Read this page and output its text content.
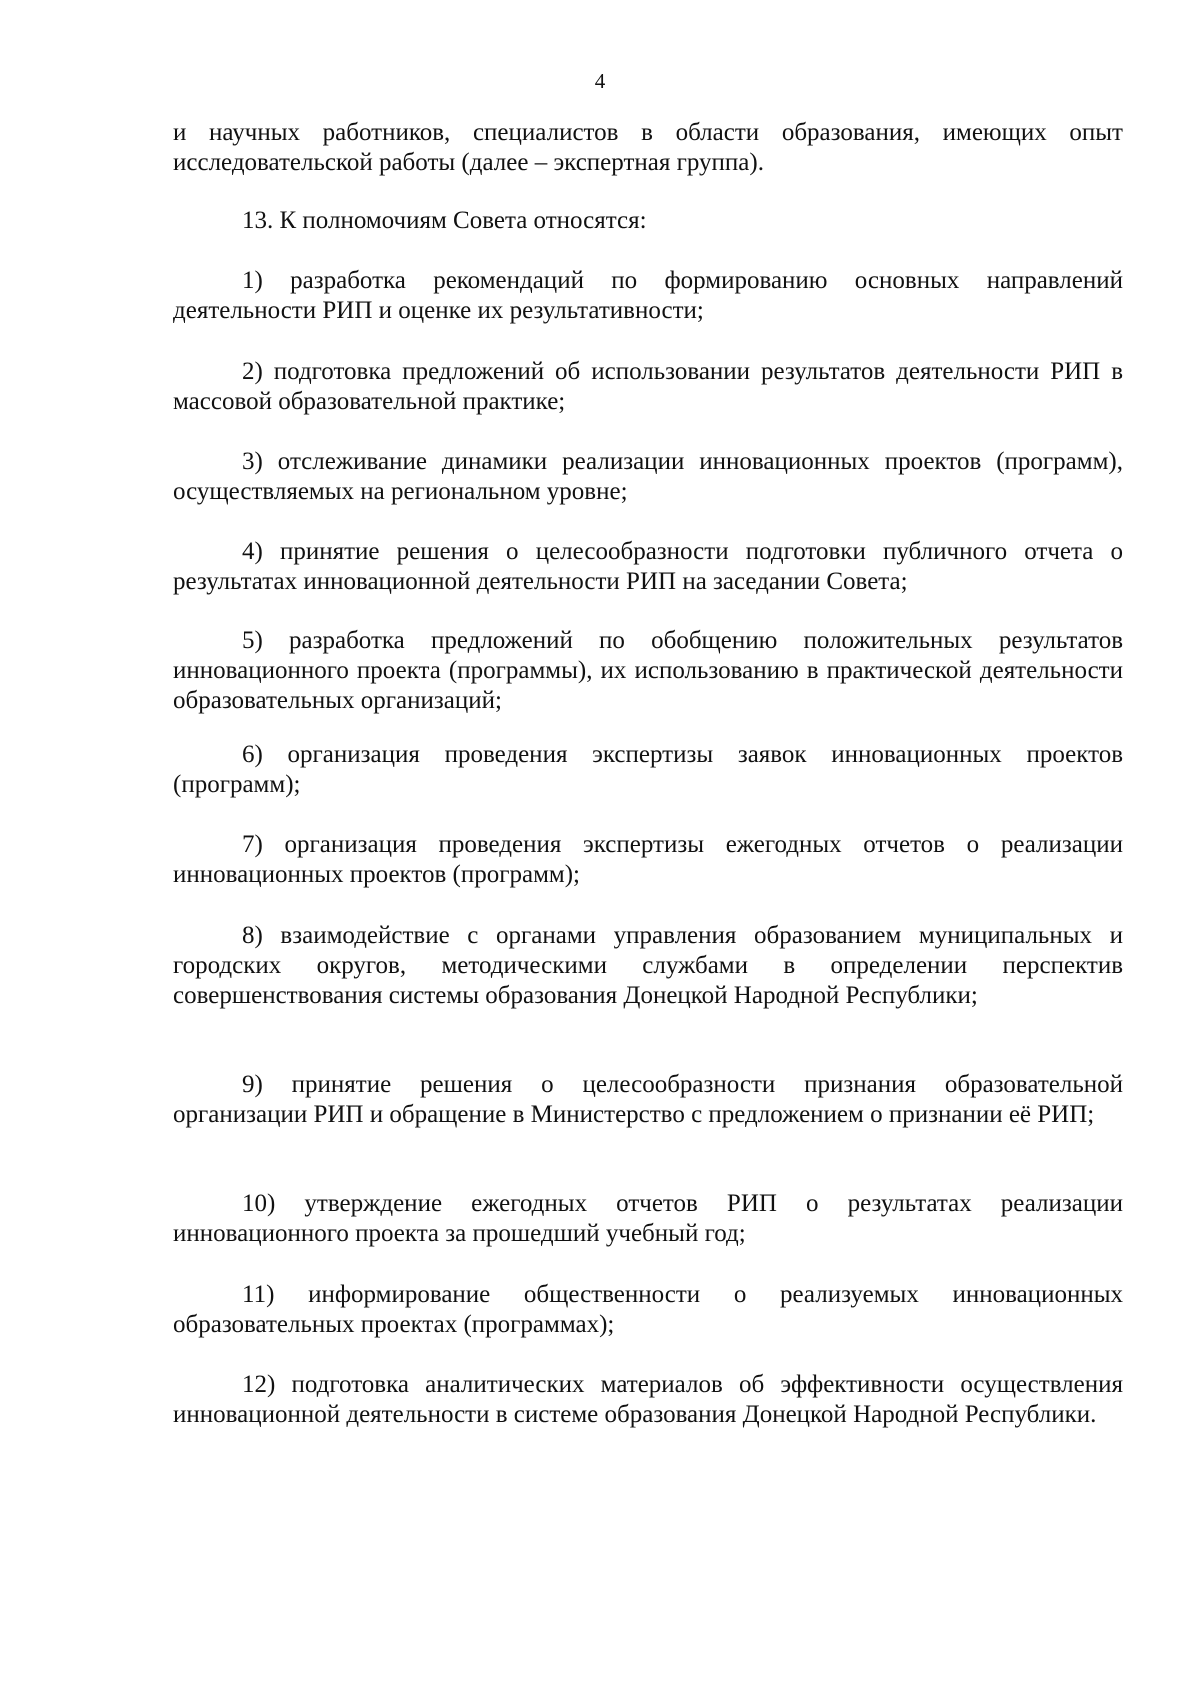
4

и научных работников, специалистов в области образования, имеющих опыт исследовательской работы (далее – экспертная группа).

13. К полномочиям Совета относятся:

1) разработка рекомендаций по формированию основных направлений деятельности РИП и оценке их результативности;

2) подготовка предложений об использовании результатов деятельности РИП в массовой образовательной практике;

3) отслеживание динамики реализации инновационных проектов (программ), осуществляемых на региональном уровне;

4) принятие решения о целесообразности подготовки публичного отчета о результатах инновационной деятельности РИП на заседании Совета;

5) разработка предложений по обобщению положительных результатов инновационного проекта (программы), их использованию в практической деятельности образовательных организаций;

6) организация проведения экспертизы заявок инновационных проектов (программ);

7) организация проведения экспертизы ежегодных отчетов о реализации инновационных проектов (программ);

8) взаимодействие с органами управления образованием муниципальных и городских округов, методическими службами в определении перспектив совершенствования системы образования Донецкой Народной Республики;

9) принятие решения о целесообразности признания образовательной организации РИП и обращение в Министерство с предложением о признании её РИП;

10) утверждение ежегодных отчетов РИП о результатах реализации инновационного проекта за прошедший учебный год;

11) информирование общественности о реализуемых инновационных образовательных проектах (программах);

12) подготовка аналитических материалов об эффективности осуществления инновационной деятельности в системе образования Донецкой Народной Республики.
